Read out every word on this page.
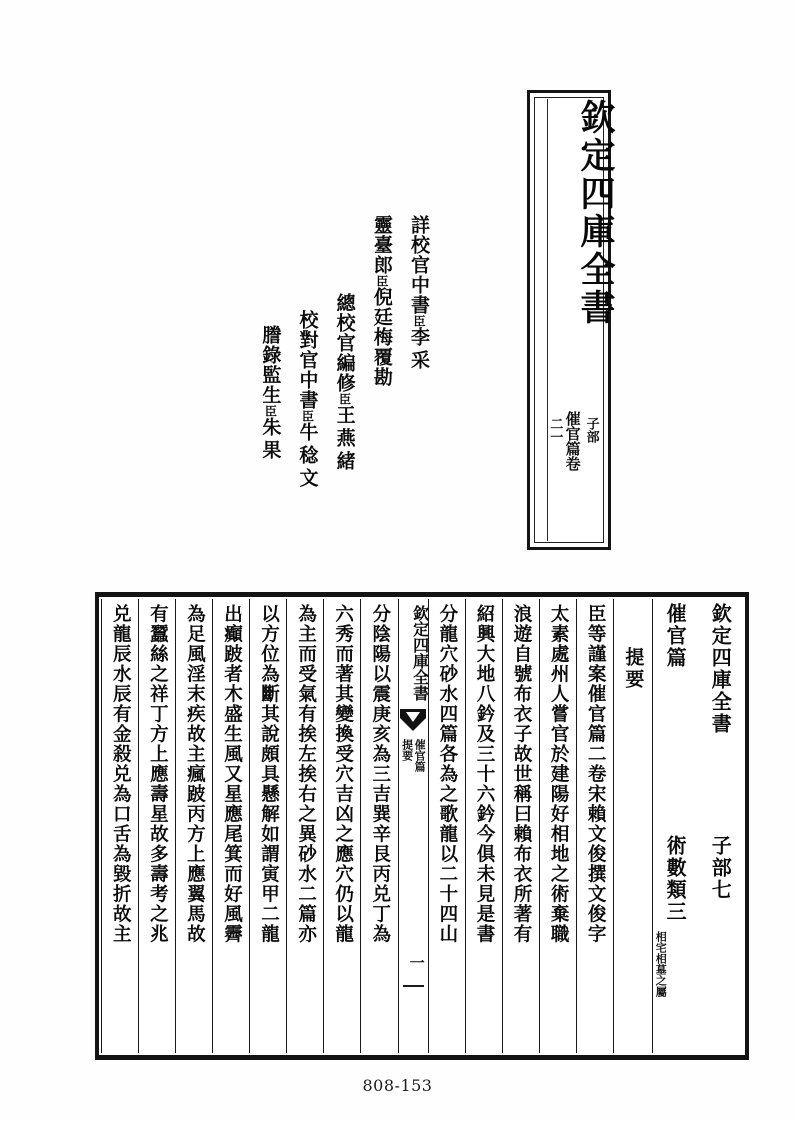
欽定四庫全書
子部
催官篇卷
二一
詳校官中書臣李采
靈臺郎臣倪廷梅覆勘
總校官編修臣王燕緒
校對官中書臣牛稔文
謄錄監生臣朱果
兑龍辰水辰有金殺兑為口舌為毀折故主 有蠶絲之祥丁方上應壽星故多壽考之兆 為足風淫末疾故主瘋跛丙方上應翼馬故 出癲跛者木盛生風又星應尾箕而好風霽 以方位為斷其說頗具懸解如謂寅甲二龍 為主而受氣有挨左挨右之異砂水二篇亦 六秀而著其變換受穴吉凶之應穴仍以龍 分陰陽以震庚亥為三吉巽辛艮丙兑丁為	欽定四庫全書
催官篇
提要
一
分龍穴砂水四篇各為之歌龍以二十四山 紹興大地八鈐及三十六鈐今俱未見是書 浪遊自號布衣子故世稱曰賴布衣所著有 太素處州人嘗官於建陽好相地之術棄職 臣等謹案催官篇二卷宋賴文俊撰文俊字 提要 催官篇
術數類三
相宅相墓之屬
欽定四庫全書
子部七
808-153
